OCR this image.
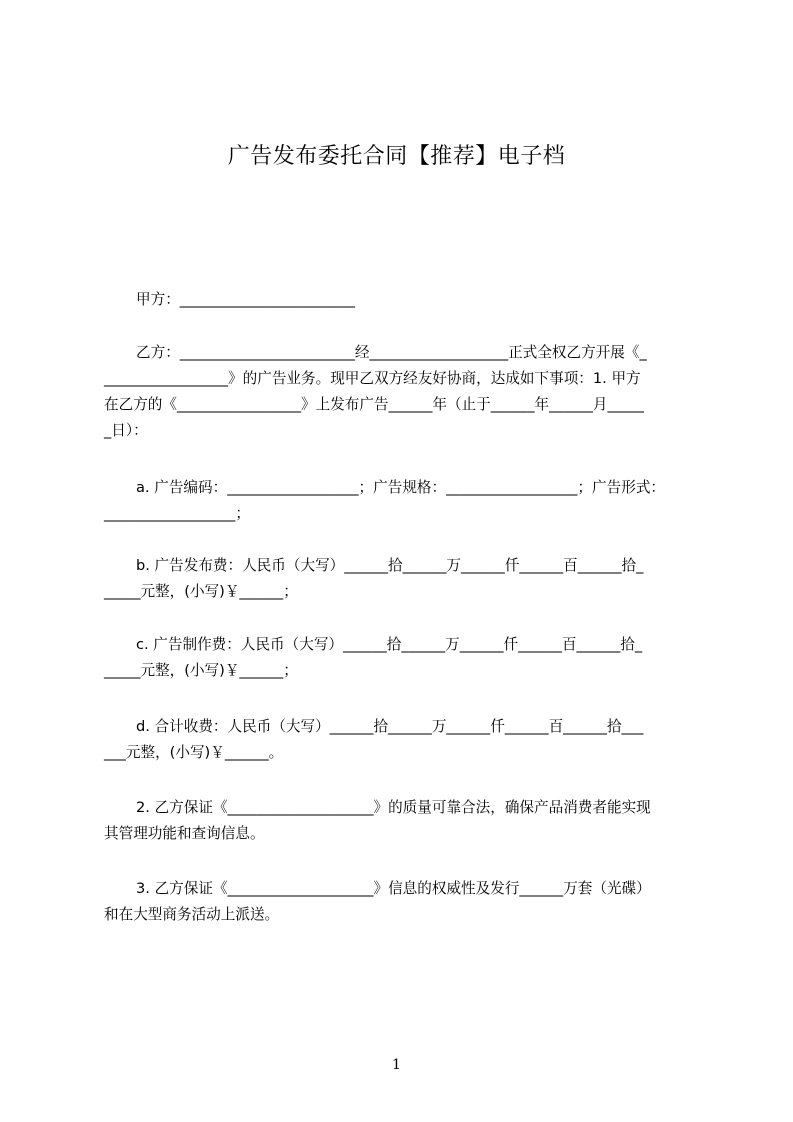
广告发布委托合同【推荐】电子档
甲方：________________________
乙方：________________________经___________________正式全权乙方开展《_
_________________》的广告业务。现甲乙双方经友好协商，达成如下事项：1. 甲方
在乙方的《_________________》上发布广告______年（止于______年______月_____
_日）：
a. 广告编码：__________________；广告规格：__________________；广告形式：
__________________；
b. 广告发布费：人民币（大写）______拾______万______仟______百______拾_
_____元整，(小写)￥______；
c. 广告制作费：人民币（大写）______拾______万______仟______百______拾_
_____元整，(小写)￥______；
d. 合计收费：人民币（大写）______拾______万______仟______百______拾___
___元整，(小写)￥______。
2. 乙方保证《____________________》的质量可靠合法，确保产品消费者能实现
其管理功能和查询信息。
3. 乙方保证《____________________》信息的权威性及发行______万套（光碟）
和在大型商务活动上派送。
1
